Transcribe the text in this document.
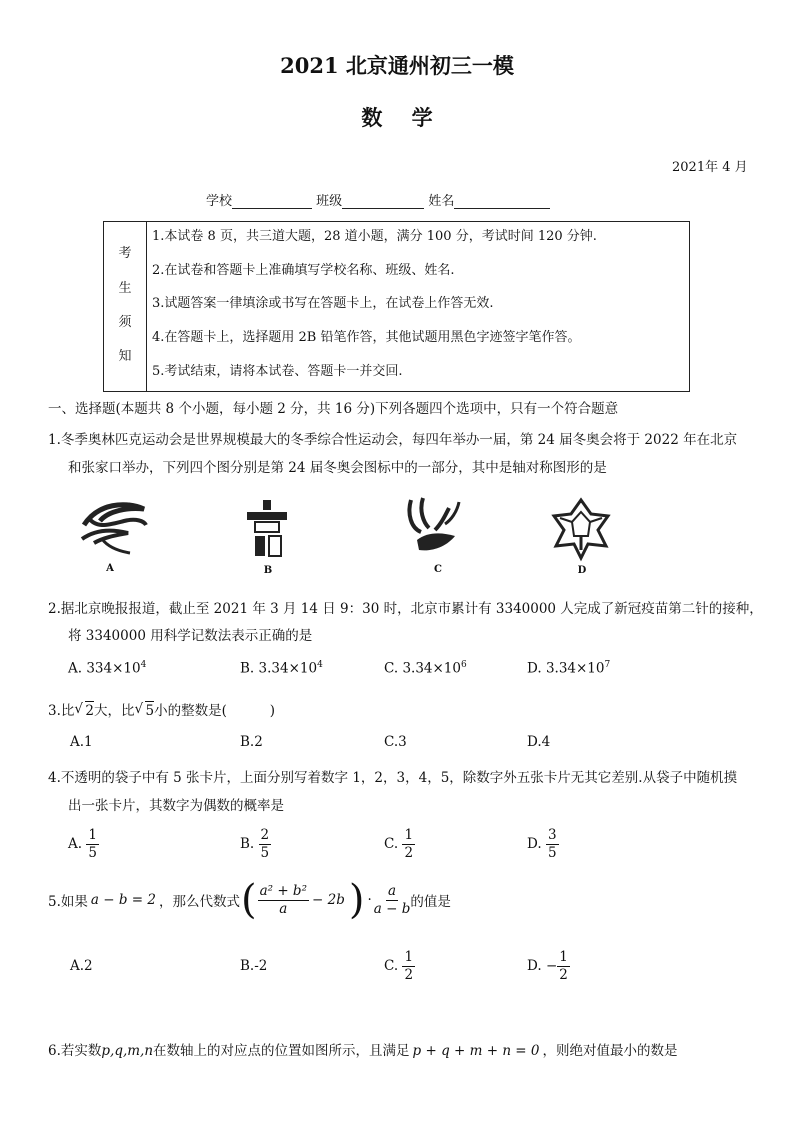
2021 北京通州初三一模
数    学
2021年 4 月
学校	班级	姓名
考
生
须
知
1.本试卷 8 页，共三道大题，28 道小题，满分 100 分，考试时间 120 分钟.
2.在试卷和答题卡上准确填写学校名称、班级、姓名.
3.试题答案一律填涂或书写在答题卡上，在试卷上作答无效.
4.在答题卡上，选择题用 2B 铅笔作答，其他试题用黑色字迹签字笔作答。
5.考试结束，请将本试卷、答题卡一并交回.
一、选择题(本题共 8 个小题，每小题 2 分，共 16 分)下列各题四个选项中，只有一个符合题意
1.冬季奥林匹克运动会是世界规模最大的冬季综合性运动会，每四年举办一届，第 24 届冬奥会将于 2022 年在北京
和张家口举办，下列四个图分别是第 24 届冬奥会图标中的一部分，其中是轴对称图形的是
A	B	C	D
2.据北京晚报报道，截止至 2021 年 3 月 14 日 9：30 时，北京市累计有 3340000 人完成了新冠疫苗第二针的接种，
将 3340000 用科学记数法表示正确的是
A. $334\times 10^4$	B. $3.34\times 10^4$	C. $3.34\times 10^6$	D. $3.34\times 10^7$
3.比 √ 2大，比 √ 5小的整数是(          )
A.1	B.2	C.3	D.4
4.不透明的袋子中有 5 张卡片，上面分别写着数字 1，2，3，4，5，除数字外五张卡片无其它差别.从袋子中随机摸
出一张卡片，其数字为偶数的概率是
A. $\frac{1}{5}$	B. $\frac{2}{5}$	C. $\frac{1}{2}$	D. $\frac{3}{5}$
5.如果 a − b = 2 ，那么代数式 ( $\frac{\text{a² + b²}}{a} - 2b$ ) · $\frac{a}{a - b}$ 的值是
A.2	B.-2	C. $\frac{1}{2}$	D. − $\frac{1}{2}$
6.若实数p,q,m,n在数轴上的对应点的位置如图所示，且满足 p + q + m + n = 0 ，则绝对值最小的数是
